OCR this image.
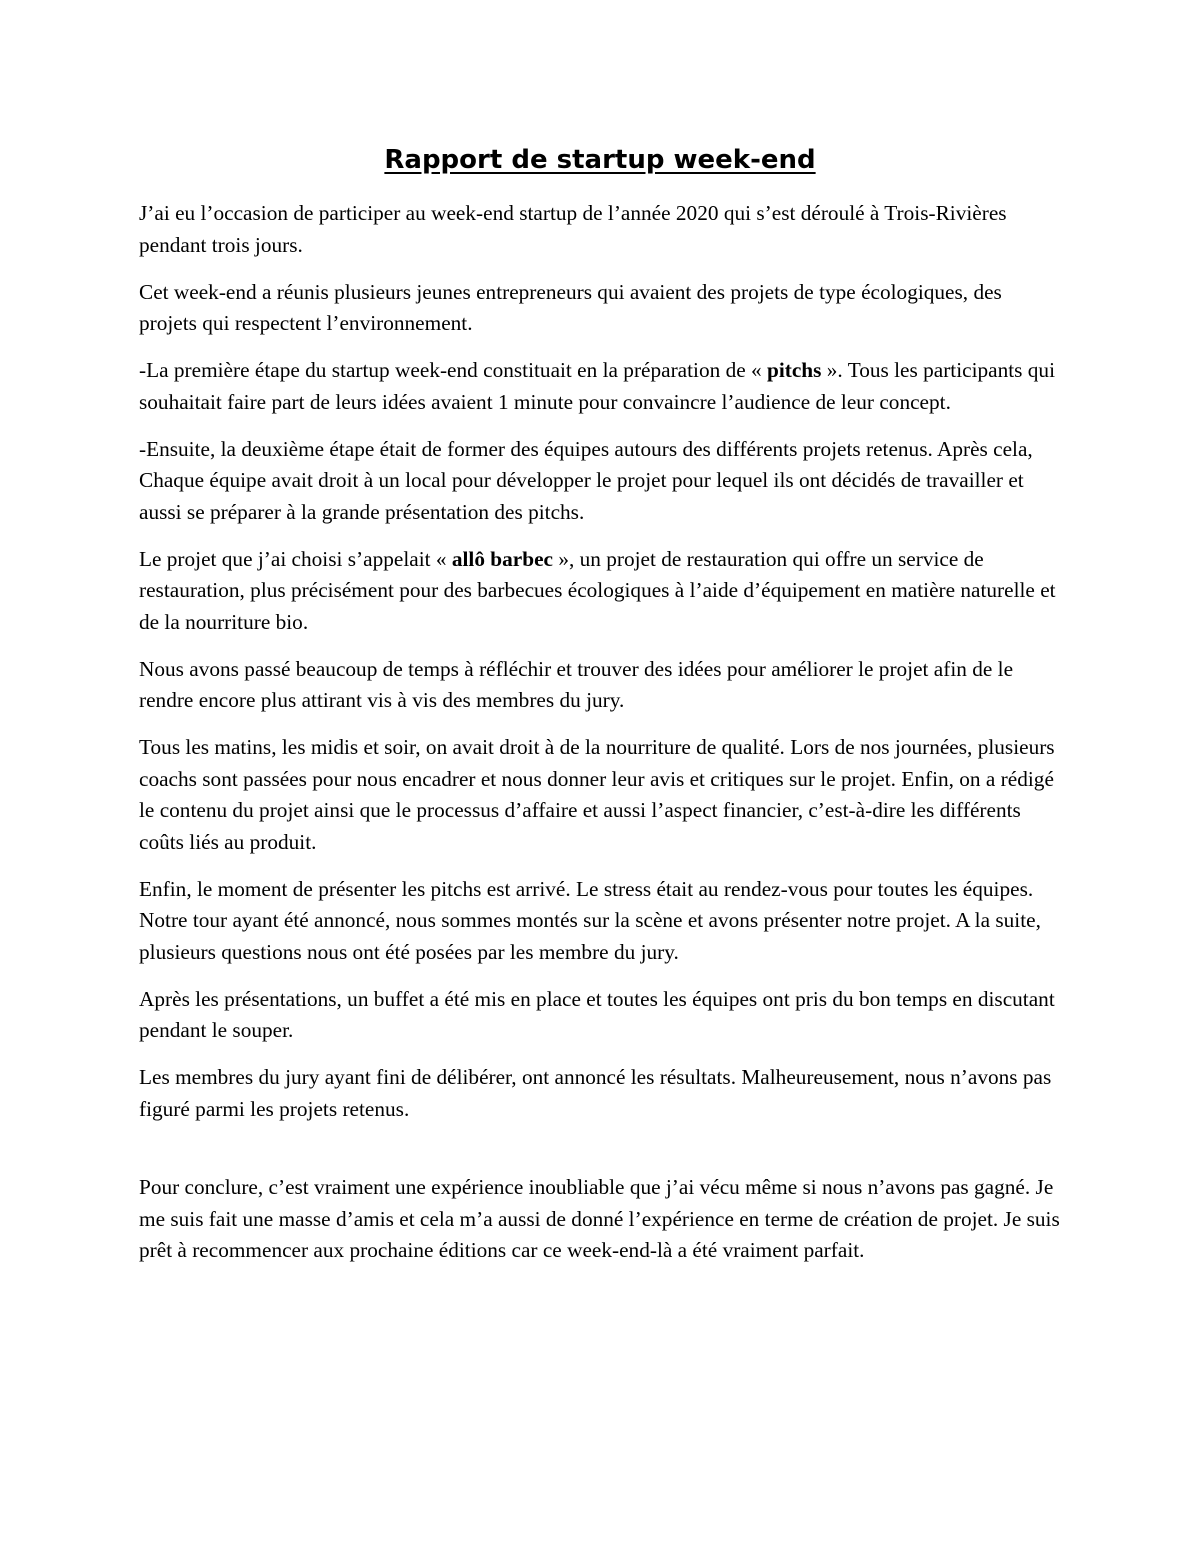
Rapport de startup week-end

J’ai eu l’occasion de participer au week-end startup de l’année 2020 qui s’est déroulé à Trois-Rivières pendant trois jours.

Cet week-end a réunis plusieurs jeunes entrepreneurs qui avaient des projets de type écologiques, des projets qui respectent l’environnement.

-La première étape du startup week-end constituait en la préparation de « pitchs ». Tous les participants qui souhaitait faire part de leurs idées avaient 1 minute pour convaincre l’audience de leur concept.

-Ensuite, la deuxième étape était de former des équipes autours des différents projets retenus. Après cela, Chaque équipe avait droit à un local pour développer le projet pour lequel ils ont décidés de travailler et aussi se préparer à la grande présentation des pitchs.

Le projet que j’ai choisi s’appelait « allô barbec », un projet de restauration qui offre un service de restauration, plus précisément pour des barbecues écologiques à l’aide d’équipement en matière naturelle et de la nourriture bio.

Nous avons passé beaucoup de temps à réfléchir et trouver des idées pour améliorer le projet afin de le rendre encore plus attirant vis à vis des membres du jury.

Tous les matins, les midis et soir, on avait droit à de la nourriture de qualité. Lors de nos journées, plusieurs coachs sont passées pour nous encadrer et nous donner leur avis et critiques sur le projet. Enfin, on a rédigé le contenu du projet ainsi que le processus d’affaire et aussi l’aspect financier, c’est-à-dire les différents coûts liés au produit.

Enfin, le moment de présenter les pitchs est arrivé. Le stress était au rendez-vous pour toutes les équipes. Notre tour ayant été annoncé, nous sommes montés sur la scène et avons présenter notre projet. A la suite, plusieurs questions nous ont été posées par les membre du jury.

Après les présentations, un buffet a été mis en place et toutes les équipes ont pris du bon temps en discutant pendant le souper.

Les membres du jury ayant fini de délibérer, ont annoncé les résultats. Malheureusement, nous n’avons pas figuré parmi les projets retenus.

Pour conclure, c’est vraiment une expérience inoubliable que j’ai vécu même si nous n’avons pas gagné. Je me suis fait une masse d’amis et cela m’a aussi de donné l’expérience en terme de création de projet. Je suis prêt à recommencer aux prochaine éditions car ce week-end-là a été vraiment parfait.
